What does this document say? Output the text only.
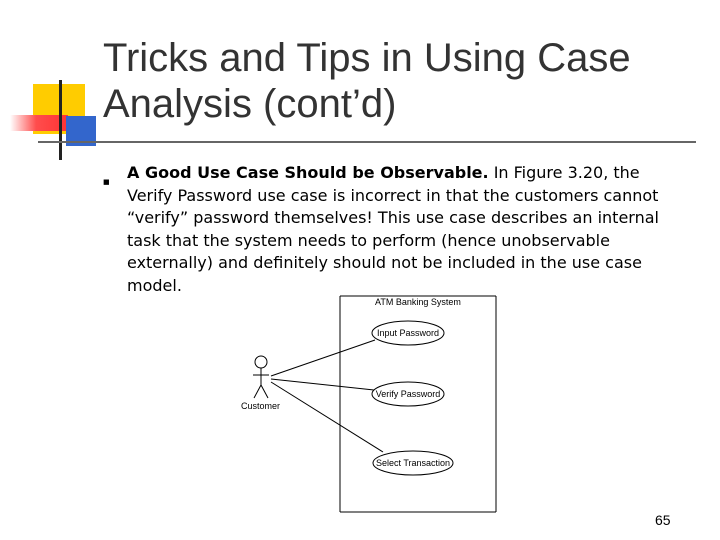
Tricks and Tips in Using Case Analysis (cont’d)
■ A Good Use Case Should be Observable. In Figure 3.20, the Verify Password use case is incorrect in that the customers cannot “verify” password themselves! This use case describes an internal task that the system needs to perform (hence unobservable externally) and definitely should not be included in the use case model.

ATM Banking System
Customer
Input Password
Verify Password
Select Transaction
65
